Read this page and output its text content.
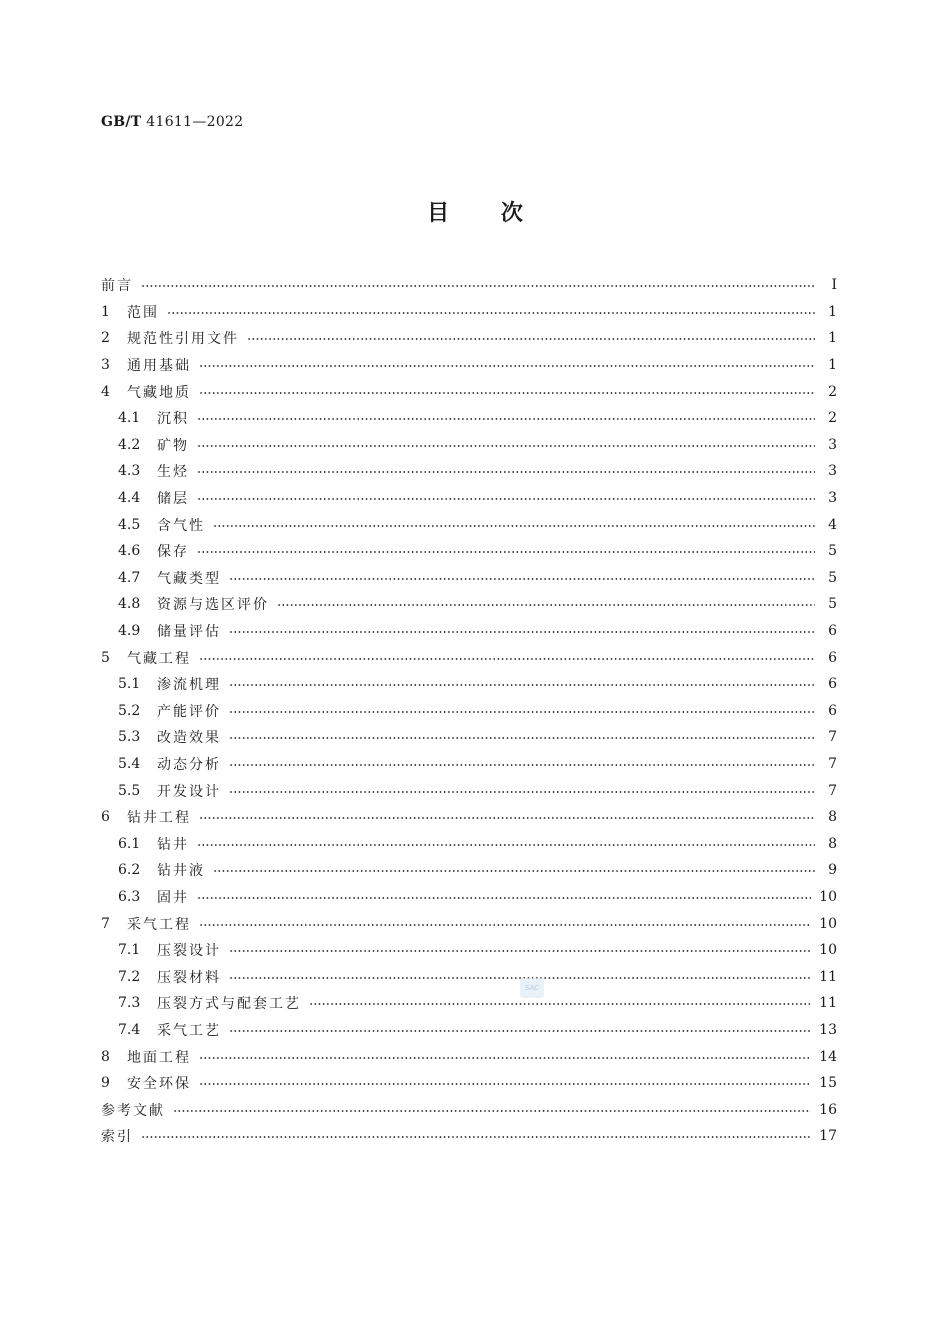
GB/T 41611—2022
目 次
前言	Ⅰ
1	范围	1
2	规范性引用文件	1
3	通用基础	1
4	气藏地质	2
4.1	沉积	2
4.2	矿物	3
4.3	生烃	3
4.4	储层	3
4.5	含气性	4
4.6	保存	5
4.7	气藏类型	5
4.8	资源与选区评价	5
4.9	储量评估	6
5	气藏工程	6
5.1	渗流机理	6
5.2	产能评价	6
5.3	改造效果	7
5.4	动态分析	7
5.5	开发设计	7
6	钻井工程	8
6.1	钻井	8
6.2	钻井液	9
6.3	固井	10
7	采气工程	10
7.1	压裂设计	10
7.2	压裂材料	11
7.3	压裂方式与配套工艺	11
7.4	采气工艺	13
8	地面工程	14
9	安全环保	15
参考文献	16
索引	17
SAC
